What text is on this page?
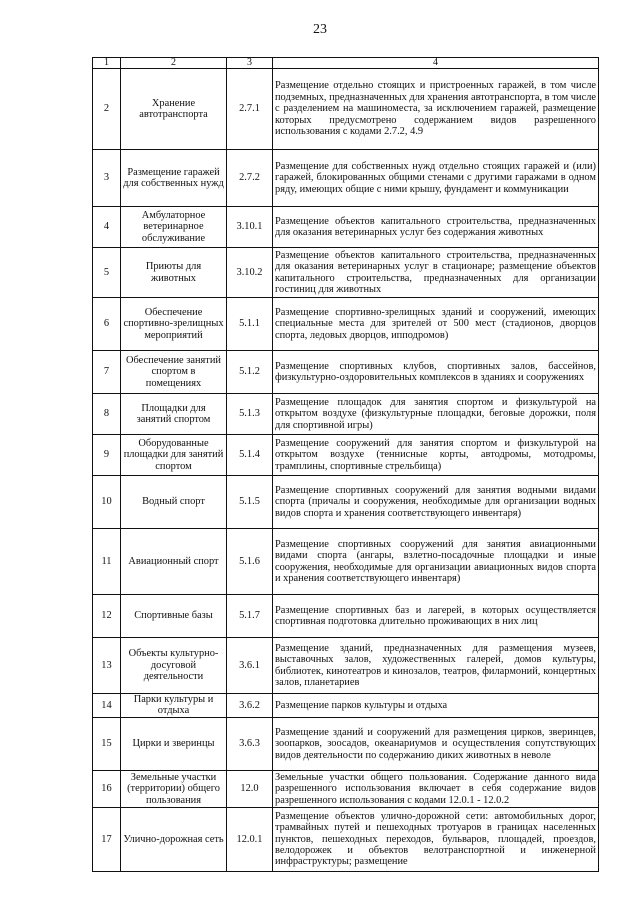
23
1	2	3	4
2	Хранение автотранспорта	2.7.1	Размещение отдельно стоящих и пристроенных гаражей, в том числе подземных, предназначенных для хранения автотранспорта, в том числе с разделением на машиноместа, за исключением гаражей, размещение которых предусмотрено содержанием видов разрешенного использования с кодами 2.7.2, 4.9
3	Размещение гаражей для собственных нужд	2.7.2	Размещение для собственных нужд отдельно стоящих гаражей и (или) гаражей, блокированных общими стенами с другими гаражами в одном ряду, имеющих общие с ними крышу, фундамент и коммуникации
4	Амбулаторное ветеринарное обслуживание	3.10.1	Размещение объектов капитального строительства, предназначенных для оказания ветеринарных услуг без содержания животных
5	Приюты для животных	3.10.2	Размещение объектов капитального строительства, предназначенных для оказания ветеринарных услуг в стационаре; размещение объектов капитального строительства, предназначенных для организации гостиниц для животных
6	Обеспечение спортивно-зрелищных мероприятий	5.1.1	Размещение спортивно-зрелищных зданий и сооружений, имеющих специальные места для зрителей от 500 мест (стадионов, дворцов спорта, ледовых дворцов, ипподромов)
7	Обеспечение занятий спортом в помещениях	5.1.2	Размещение спортивных клубов, спортивных залов, бассейнов, физкультурно-оздоровительных комплексов в зданиях и сооружениях
8	Площадки для занятий спортом	5.1.3	Размещение площадок для занятия спортом и физкультурой на открытом воздухе (физкультурные площадки, беговые дорожки, поля для спортивной игры)
9	Оборудованные площадки для занятий спортом	5.1.4	Размещение сооружений для занятия спортом и физкультурой на открытом воздухе (теннисные корты, автодромы, мотодромы, трамплины, спортивные стрельбища)
10	Водный спорт	5.1.5	Размещение спортивных сооружений для занятия водными видами спорта (причалы и сооружения, необходимые для организации водных видов спорта и хранения соответствующего инвентаря)
11	Авиационный спорт	5.1.6	Размещение спортивных сооружений для занятия авиационными видами спорта (ангары, взлетно-посадочные площадки и иные сооружения, необходимые для организации авиационных видов спорта и хранения соответствующего инвентаря)
12	Спортивные базы	5.1.7	Размещение спортивных баз и лагерей, в которых осуществляется спортивная подготовка длительно проживающих в них лиц
13	Объекты культурно-досуговой деятельности	3.6.1	Размещение зданий, предназначенных для размещения музеев, выставочных залов, художественных галерей, домов культуры, библиотек, кинотеатров и кинозалов, театров, филармоний, концертных залов, планетариев
14	Парки культуры и отдыха	3.6.2	Размещение парков культуры и отдыха
15	Цирки и зверинцы	3.6.3	Размещение зданий и сооружений для размещения цирков, зверинцев, зоопарков, зоосадов, океанариумов и осуществления сопутствующих видов деятельности по содержанию диких животных в неволе
16	Земельные участки (территории) общего пользования	12.0	Земельные участки общего пользования. Содержание данного вида разрешенного использования включает в себя содержание видов разрешенного использования с кодами 12.0.1 - 12.0.2
17	Улично-дорожная сеть	12.0.1	Размещение объектов улично-дорожной сети: автомобильных дорог, трамвайных путей и пешеходных тротуаров в границах населенных пунктов, пешеходных переходов, бульваров, площадей, проездов, велодорожек и объектов велотранспортной и инженерной инфраструктуры; размещение
